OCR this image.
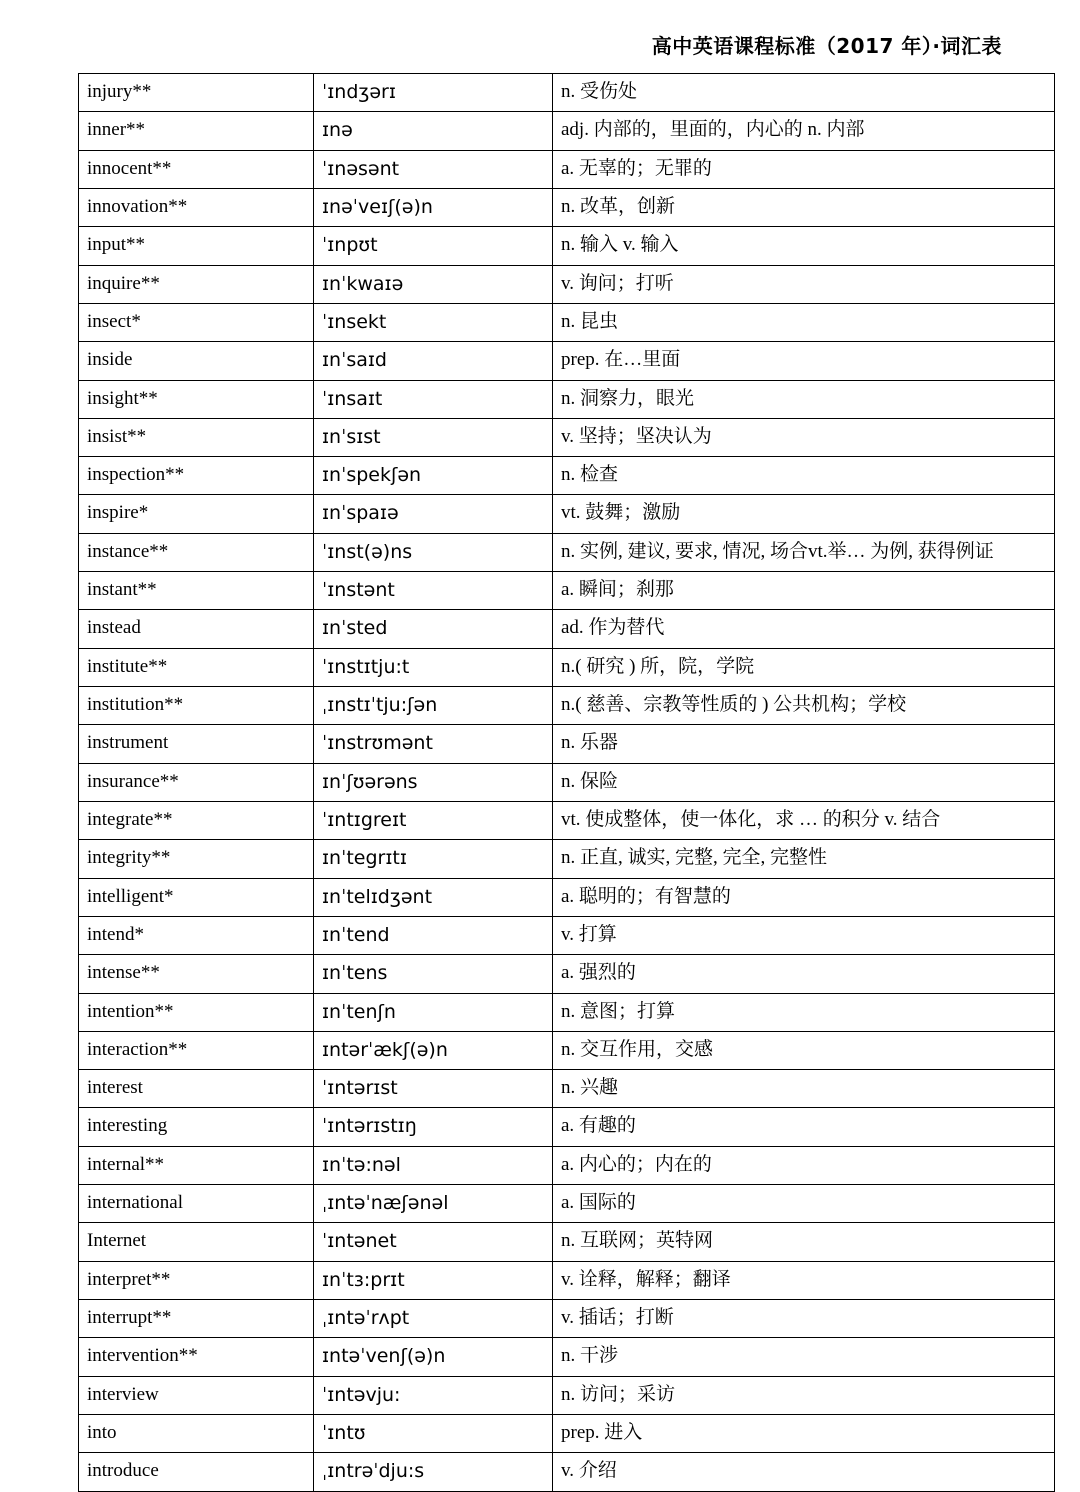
高中英语课程标准（2017 年）·词汇表
injury**	ˈɪndʒərɪ	n. 受伤处
inner**	ɪnə	adj. 内部的，里面的，内心的 n. 内部
innocent**	ˈɪnəsənt	a. 无辜的；无罪的
innovation**	ɪnəˈveɪʃ(ə)n	n. 改革，创新
input**	ˈɪnpʊt	n. 输入 v. 输入
inquire**	ɪnˈkwaɪə	v. 询问；打听
insect*	ˈɪnsekt	n. 昆虫
inside	ɪnˈsaɪd	prep. 在…里面
insight**	ˈɪnsaɪt	n. 洞察力，眼光
insist**	ɪnˈsɪst	v. 坚持；坚决认为
inspection**	ɪnˈspekʃən	n. 检查
inspire*	ɪnˈspaɪə	vt. 鼓舞；激励
instance**	ˈɪnst(ə)ns	n. 实例, 建议, 要求, 情况, 场合vt.举… 为例, 获得例证
instant**	ˈɪnstənt	a. 瞬间；刹那
instead	ɪnˈsted	ad. 作为替代
institute**	ˈɪnstɪtju:t	n.( 研究 ) 所，院，学院
institution**	ˌɪnstɪˈtju:ʃən	n.( 慈善、宗教等性质的 ) 公共机构；学校
instrument	ˈɪnstrʊmənt	n. 乐器
insurance**	ɪnˈʃʊərəns	n. 保险
integrate**	ˈɪntɪgreɪt	vt. 使成整体，使一体化，求 … 的积分 v. 结合
integrity**	ɪnˈtegrɪtɪ	n. 正直, 诚实, 完整, 完全, 完整性
intelligent*	ɪnˈtelɪdʒənt	a. 聪明的；有智慧的
intend*	ɪnˈtend	v. 打算
intense**	ɪnˈtens	a. 强烈的
intention**	ɪnˈtenʃn	n. 意图；打算
interaction**	ɪntərˈækʃ(ə)n	n. 交互作用，交感
interest	ˈɪntərɪst	n. 兴趣
interesting	ˈɪntərɪstɪŋ	a. 有趣的
internal**	ɪnˈtə:nəl	a. 内心的；内在的
international	ˌɪntəˈnæʃənəl	a. 国际的
Internet	ˈɪntənet	n. 互联网；英特网
interpret**	ɪnˈtɜ:prɪt	v. 诠释，解释；翻译
interrupt**	ˌɪntəˈrʌpt	v. 插话；打断
intervention**	ɪntəˈvenʃ(ə)n	n. 干涉
interview	ˈɪntəvju:	n. 访问；采访
into	ˈɪntʊ	prep. 进入
introduce	ˌɪntrəˈdju:s	v. 介绍
